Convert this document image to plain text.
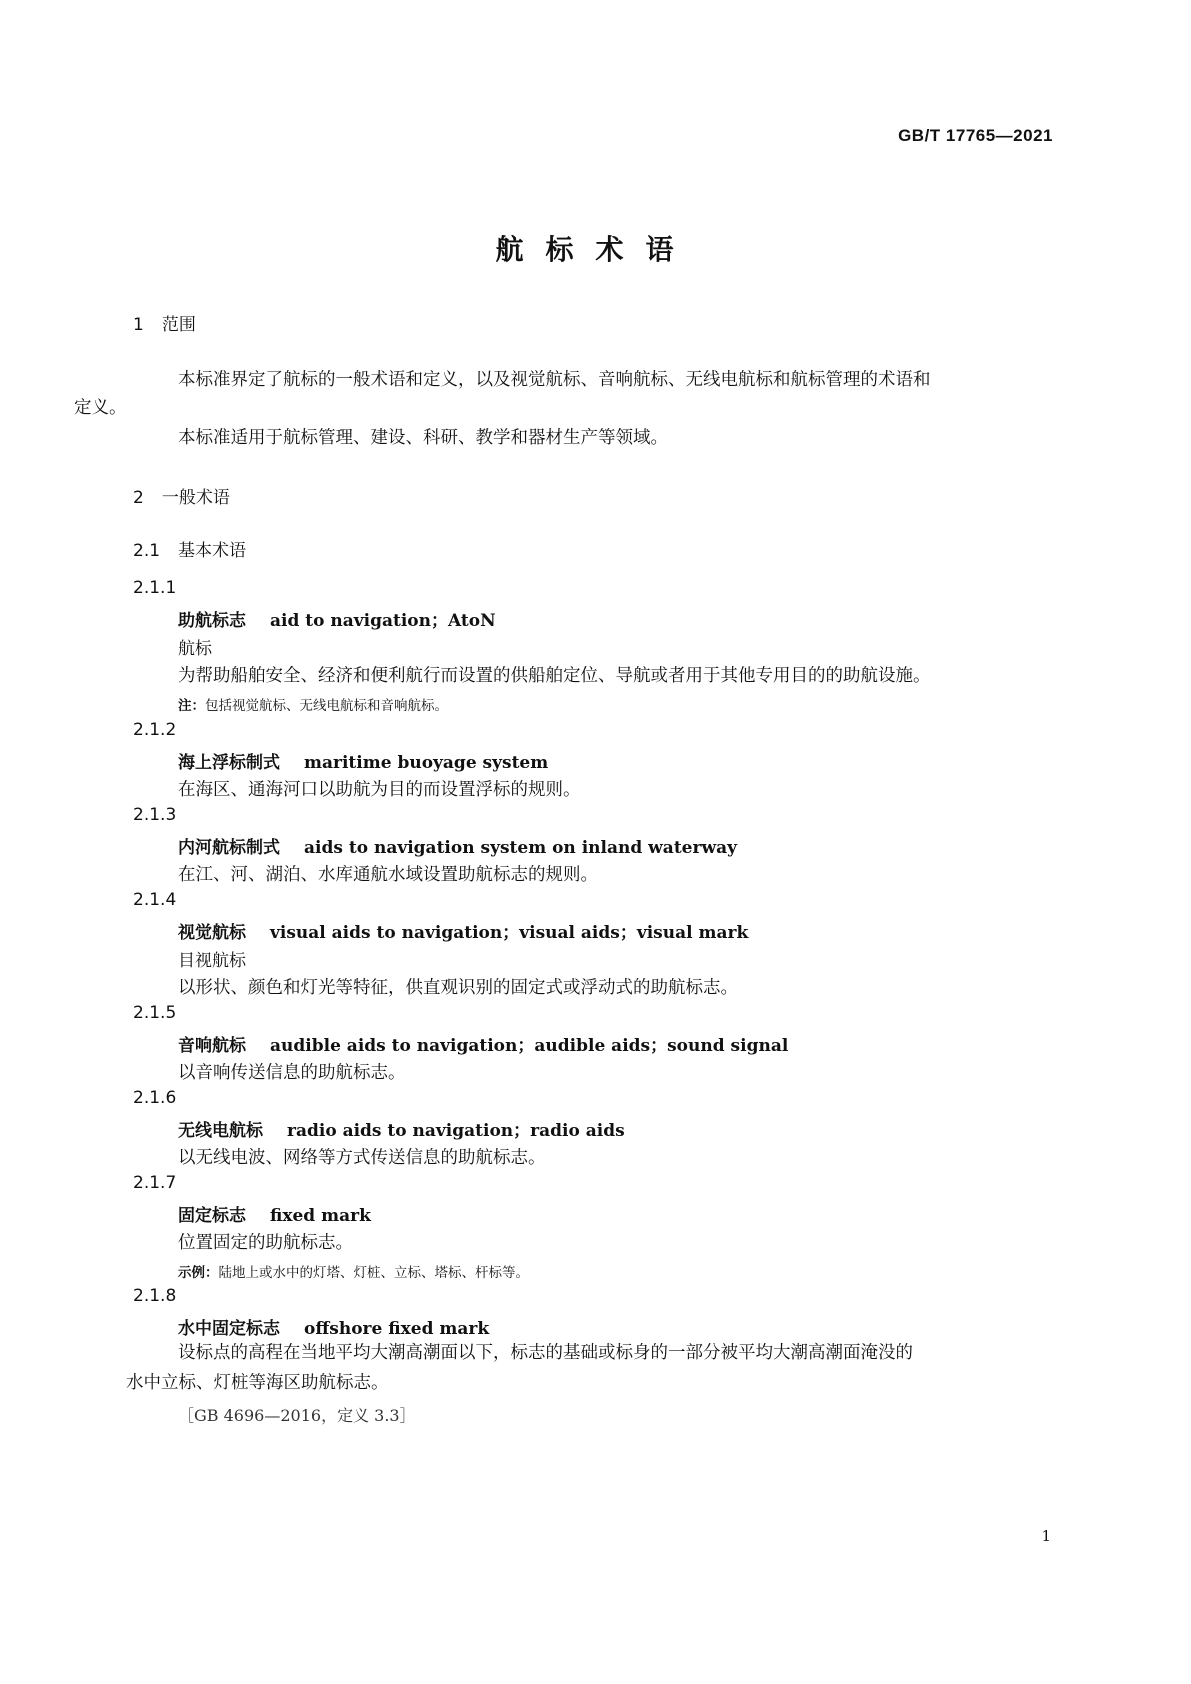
GB/T 17765—2021
航标术语
1 范围
本标准界定了航标的一般术语和定义，以及视觉航标、音响航标、无线电航标和航标管理的术语和
定义。
本标准适用于航标管理、建设、科研、教学和器材生产等领域。
2 一般术语
2.1 基本术语
2.1.1
助航标志 aid to navigation；AtoN
航标
为帮助船舶安全、经济和便利航行而设置的供船舶定位、导航或者用于其他专用目的的助航设施。
注：包括视觉航标、无线电航标和音响航标。
2.1.2
海上浮标制式 maritime buoyage system
在海区、通海河口以助航为目的而设置浮标的规则。
2.1.3
内河航标制式 aids to navigation system on inland waterway
在江、河、湖泊、水库通航水域设置助航标志的规则。
2.1.4
视觉航标 visual aids to navigation；visual aids；visual mark
目视航标
以形状、颜色和灯光等特征，供直观识别的固定式或浮动式的助航标志。
2.1.5
音响航标 audible aids to navigation；audible aids；sound signal
以音响传送信息的助航标志。
2.1.6
无线电航标 radio aids to navigation；radio aids
以无线电波、网络等方式传送信息的助航标志。
2.1.7
固定标志 fixed mark
位置固定的助航标志。
示例：陆地上或水中的灯塔、灯桩、立标、塔标、杆标等。
2.1.8
水中固定标志 offshore fixed mark
设标点的高程在当地平均大潮高潮面以下，标志的基础或标身的一部分被平均大潮高潮面淹没的
水中立标、灯桩等海区助航标志。
［GB 4696—2016，定义 3.3］
1
